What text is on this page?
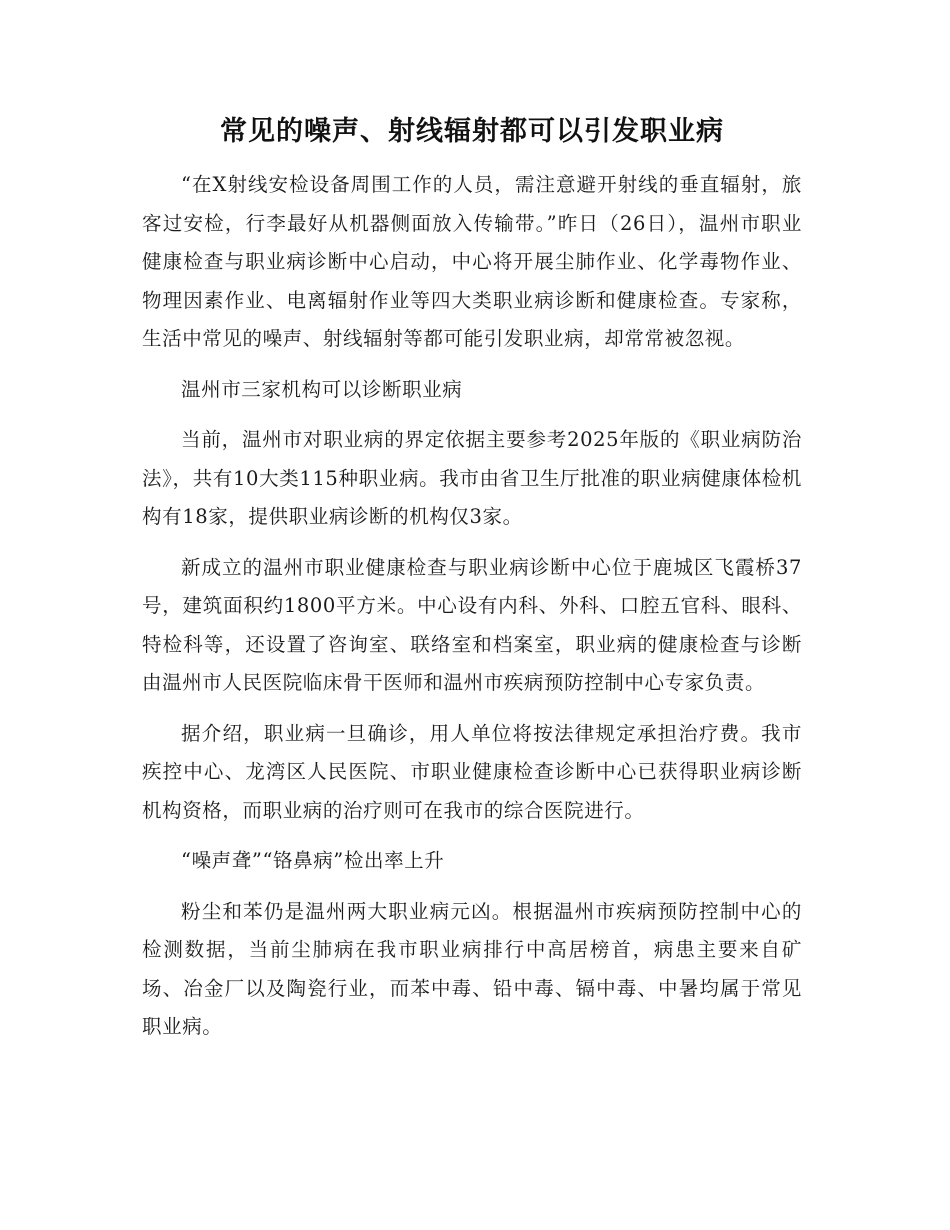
常见的噪声、射线辐射都可以引发职业病

“在X射线安检设备周围工作的人员，需注意避开射线的垂直辐射，旅客过安检，行李最好从机器侧面放入传输带。”昨日（26日），温州市职业健康检查与职业病诊断中心启动，中心将开展尘肺作业、化学毒物作业、物理因素作业、电离辐射作业等四大类职业病诊断和健康检查。专家称，生活中常见的噪声、射线辐射等都可能引发职业病，却常常被忽视。

温州市三家机构可以诊断职业病

当前，温州市对职业病的界定依据主要参考2025年版的《职业病防治法》，共有10大类115种职业病。我市由省卫生厅批准的职业病健康体检机构有18家，提供职业病诊断的机构仅3家。

新成立的温州市职业健康检查与职业病诊断中心位于鹿城区飞霞桥37号，建筑面积约1800平方米。中心设有内科、外科、口腔五官科、眼科、特检科等，还设置了咨询室、联络室和档案室，职业病的健康检查与诊断由温州市人民医院临床骨干医师和温州市疾病预防控制中心专家负责。

据介绍，职业病一旦确诊，用人单位将按法律规定承担治疗费。我市疾控中心、龙湾区人民医院、市职业健康检查诊断中心已获得职业病诊断机构资格，而职业病的治疗则可在我市的综合医院进行。

“噪声聋”“铬鼻病”检出率上升

粉尘和苯仍是温州两大职业病元凶。根据温州市疾病预防控制中心的检测数据，当前尘肺病在我市职业病排行中高居榜首，病患主要来自矿场、冶金厂以及陶瓷行业，而苯中毒、铅中毒、镉中毒、中暑均属于常见职业病。
